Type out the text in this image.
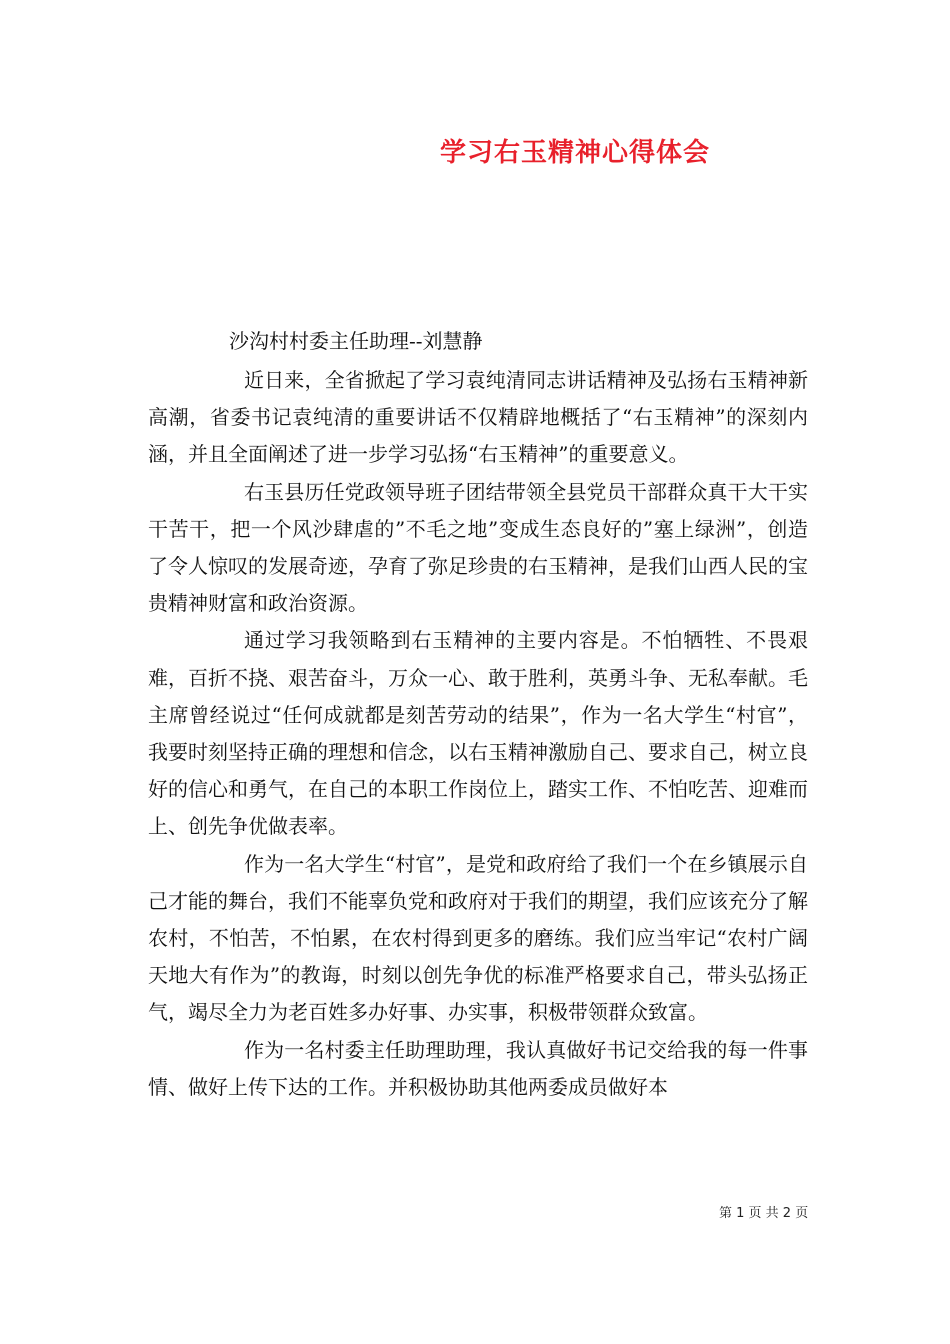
学习右玉精神心得体会
沙沟村村委主任助理--刘慧静

近日来，全省掀起了学习袁纯清同志讲话精神及弘扬右玉精神新高潮，省委书记袁纯清的重要讲话不仅精辟地概括了“右玉精神”的深刻内涵，并且全面阐述了进一步学习弘扬“右玉精神”的重要意义。

右玉县历任党政领导班子团结带领全县党员干部群众真干大干实干苦干，把一个风沙肆虐的”不毛之地”变成生态良好的”塞上绿洲”，创造了令人惊叹的发展奇迹，孕育了弥足珍贵的右玉精神，是我们山西人民的宝贵精神财富和政治资源。

通过学习我领略到右玉精神的主要内容是。不怕牺牲、不畏艰难，百折不挠、艰苦奋斗，万众一心、敢于胜利，英勇斗争、无私奉献。毛主席曾经说过“任何成就都是刻苦劳动的结果”，作为一名大学生“村官”，我要时刻坚持正确的理想和信念，以右玉精神激励自己、要求自己，树立良好的信心和勇气，在自己的本职工作岗位上，踏实工作、不怕吃苦、迎难而上、创先争优做表率。

作为一名大学生“村官”，是党和政府给了我们一个在乡镇展示自己才能的舞台，我们不能辜负党和政府对于我们的期望，我们应该充分了解农村，不怕苦，不怕累，在农村得到更多的磨练。我们应当牢记“农村广阔天地大有作为”的教诲，时刻以创先争优的标准严格要求自己，带头弘扬正气，竭尽全力为老百姓多办好事、办实事，积极带领群众致富。

作为一名村委主任助理助理，我认真做好书记交给我的每一件事情、做好上传下达的工作。并积极协助其他两委成员做好本

第 1 页 共 2 页
